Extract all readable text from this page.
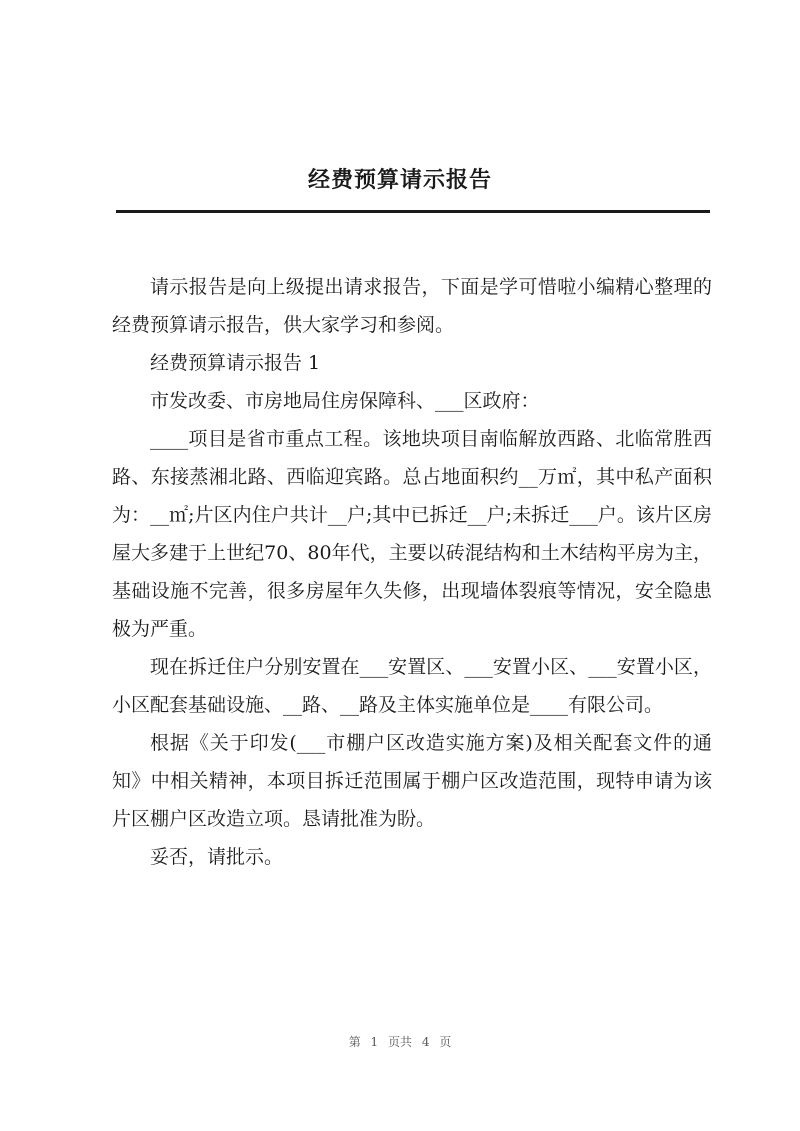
经费预算请示报告

请示报告是向上级提出请求报告，下面是学可惜啦小编精心整理的经费预算请示报告，供大家学习和参阅。

经费预算请示报告 1

市发改委、市房地局住房保障科、___区政府：

____项目是省市重点工程。该地块项目南临解放西路、北临常胜西路、东接蒸湘北路、西临迎宾路。总占地面积约__万㎡，其中私产面积为：__㎡;片区内住户共计__户;其中已拆迁__户;未拆迁___户。该片区房屋大多建于上世纪70、80年代，主要以砖混结构和土木结构平房为主，基础设施不完善，很多房屋年久失修，出现墙体裂痕等情况，安全隐患极为严重。

现在拆迁住户分别安置在___安置区、___安置小区、___安置小区，小区配套基础设施、__路、__路及主体实施单位是____有限公司。

根据《关于印发(___市棚户区改造实施方案)及相关配套文件的通知》中相关精神，本项目拆迁范围属于棚户区改造范围，现特申请为该片区棚户区改造立项。恳请批准为盼。

妥否，请批示。

第 1 页共 4 页
